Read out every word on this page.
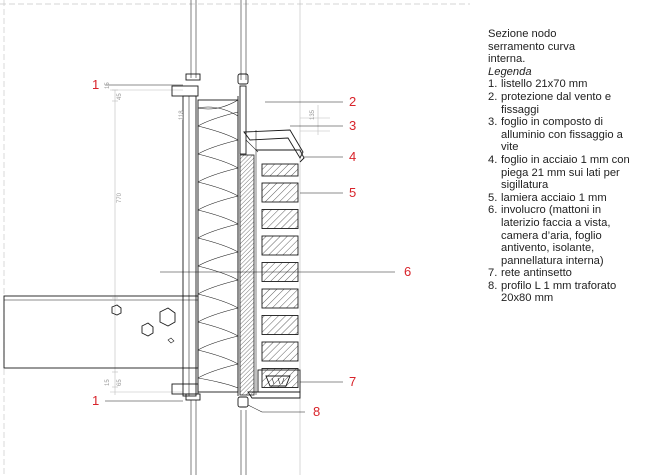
1
2
3
4
5
6
7
1
8
15
45
135
770
118
15 65

Sezione nodo

serramento curva

interna.

Legenda

1. listello 21x70 mm
2. protezione dal vento e fissaggi
3. foglio in composto di alluminio con fissaggio a vite
4. foglio in acciaio 1 mm con piega 21 mm sui lati per sigillatura
5. lamiera acciaio 1 mm
6. involucro (mattoni in laterizio faccia a vista, camera d’aria, foglio antivento, isolante, pannellatura interna)
7. rete antinsetto
8. profilo L 1 mm traforato 20x80 mm
